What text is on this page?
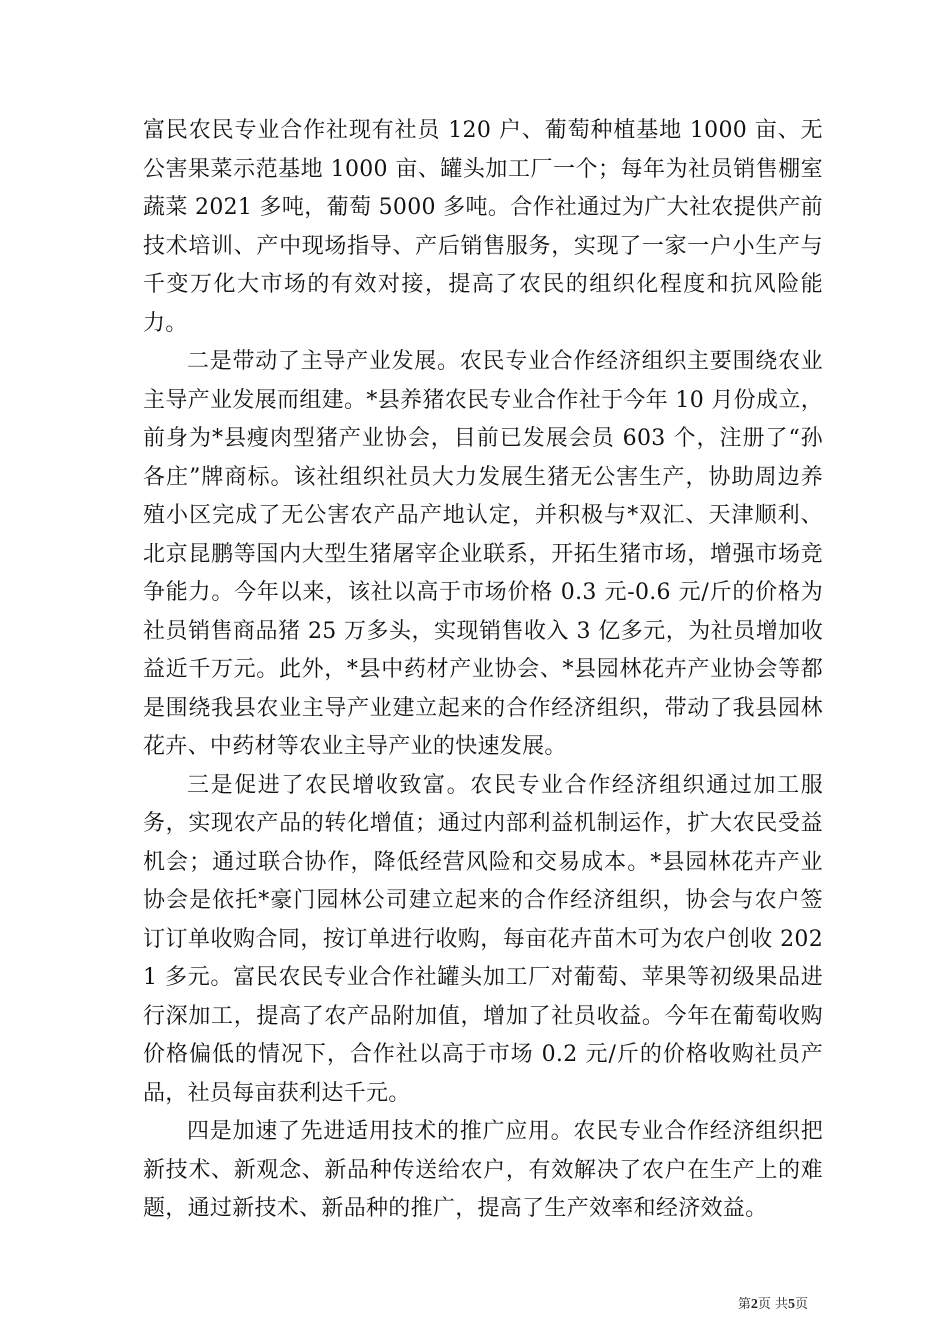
富民农民专业合作社现有社员 120 户、葡萄种植基地 1000 亩、无公害果菜示范基地 1000 亩、罐头加工厂一个；每年为社员销售棚室蔬菜 2021 多吨，葡萄 5000 多吨。合作社通过为广大社农提供产前技术培训、产中现场指导、产后销售服务，实现了一家一户小生产与千变万化大市场的有效对接，提高了农民的组织化程度和抗风险能力。

二是带动了主导产业发展。农民专业合作经济组织主要围绕农业主导产业发展而组建。*县养猪农民专业合作社于今年 10 月份成立，前身为*县瘦肉型猪产业协会，目前已发展会员 603 个，注册了“孙各庄”牌商标。该社组织社员大力发展生猪无公害生产，协助周边养殖小区完成了无公害农产品产地认定，并积极与*双汇、天津顺利、北京昆鹏等国内大型生猪屠宰企业联系，开拓生猪市场，增强市场竞争能力。今年以来，该社以高于市场价格 0.3 元-0.6 元/斤的价格为社员销售商品猪 25 万多头，实现销售收入 3 亿多元，为社员增加收益近千万元。此外，*县中药材产业协会、*县园林花卉产业协会等都是围绕我县农业主导产业建立起来的合作经济组织，带动了我县园林花卉、中药材等农业主导产业的快速发展。

三是促进了农民增收致富。农民专业合作经济组织通过加工服务，实现农产品的转化增值；通过内部利益机制运作，扩大农民受益机会；通过联合协作，降低经营风险和交易成本。*县园林花卉产业协会是依托*豪门园林公司建立起来的合作经济组织，协会与农户签订订单收购合同，按订单进行收购，每亩花卉苗木可为农户创收 2021 多元。富民农民专业合作社罐头加工厂对葡萄、苹果等初级果品进行深加工，提高了农产品附加值，增加了社员收益。今年在葡萄收购价格偏低的情况下，合作社以高于市场 0.2 元/斤的价格收购社员产品，社员每亩获利达千元。

四是加速了先进适用技术的推广应用。农民专业合作经济组织把新技术、新观念、新品种传送给农户，有效解决了农户在生产上的难题，通过新技术、新品种的推广，提高了生产效率和经济效益。

第2页 共5页
